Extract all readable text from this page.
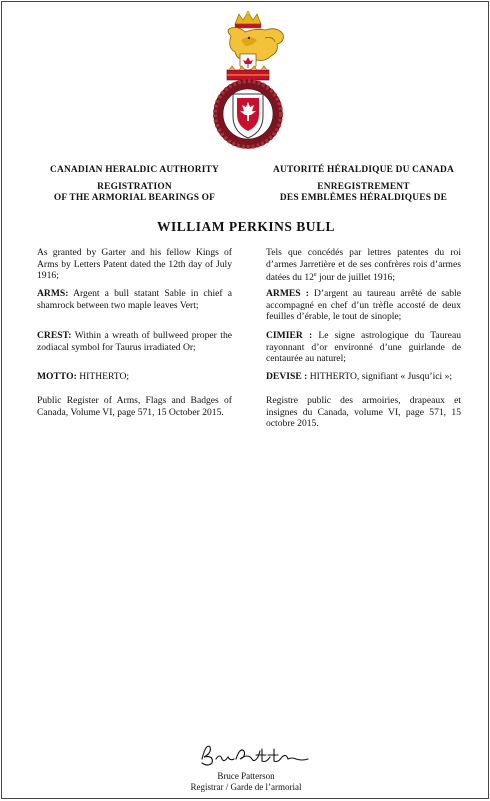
CANADIAN HERALDIC AUTHORITY	AUTORITÉ HÉRALDIQUE DU CANADA
REGISTRATION
OF THE ARMORIAL BEARINGS OF
ENREGISTREMENT
DES EMBLÈMES HÉRALDIQUES DE
WILLIAM PERKINS BULL

As granted by Garter and his fellow Kings of Arms by Letters Patent dated the 12th day of July 1916;

ARMS: Argent a bull statant Sable in chief a shamrock between two maple leaves Vert;

CREST: Within a wreath of bullweed proper the zodiacal symbol for Taurus irradiated Or;

MOTTO: HITHERTO;

Public Register of Arms, Flags and Badges of Canada, Volume VI, page 571, 15 October 2015.

Tels que concédés par lettres patentes du roi d’armes Jarretière et de ses confrères rois d’armes datées du 12e jour de juillet 1916;

ARMES : D’argent au taureau arrêté de sable accompagné en chef d’un trèfle accosté de deux feuilles d’érable, le tout de sinople;

CIMIER : Le signe astrologique du Taureau rayonnant d’or environné d’une guirlande de centaurée au naturel;

DEVISE : HITHERTO, signifiant « Jusqu’ici »;

Registre public des armoiries, drapeaux et insignes du Canada, volume VI, page 571, 15 octobre 2015.

Bruce Patterson
Registrar / Garde de l’armorial
